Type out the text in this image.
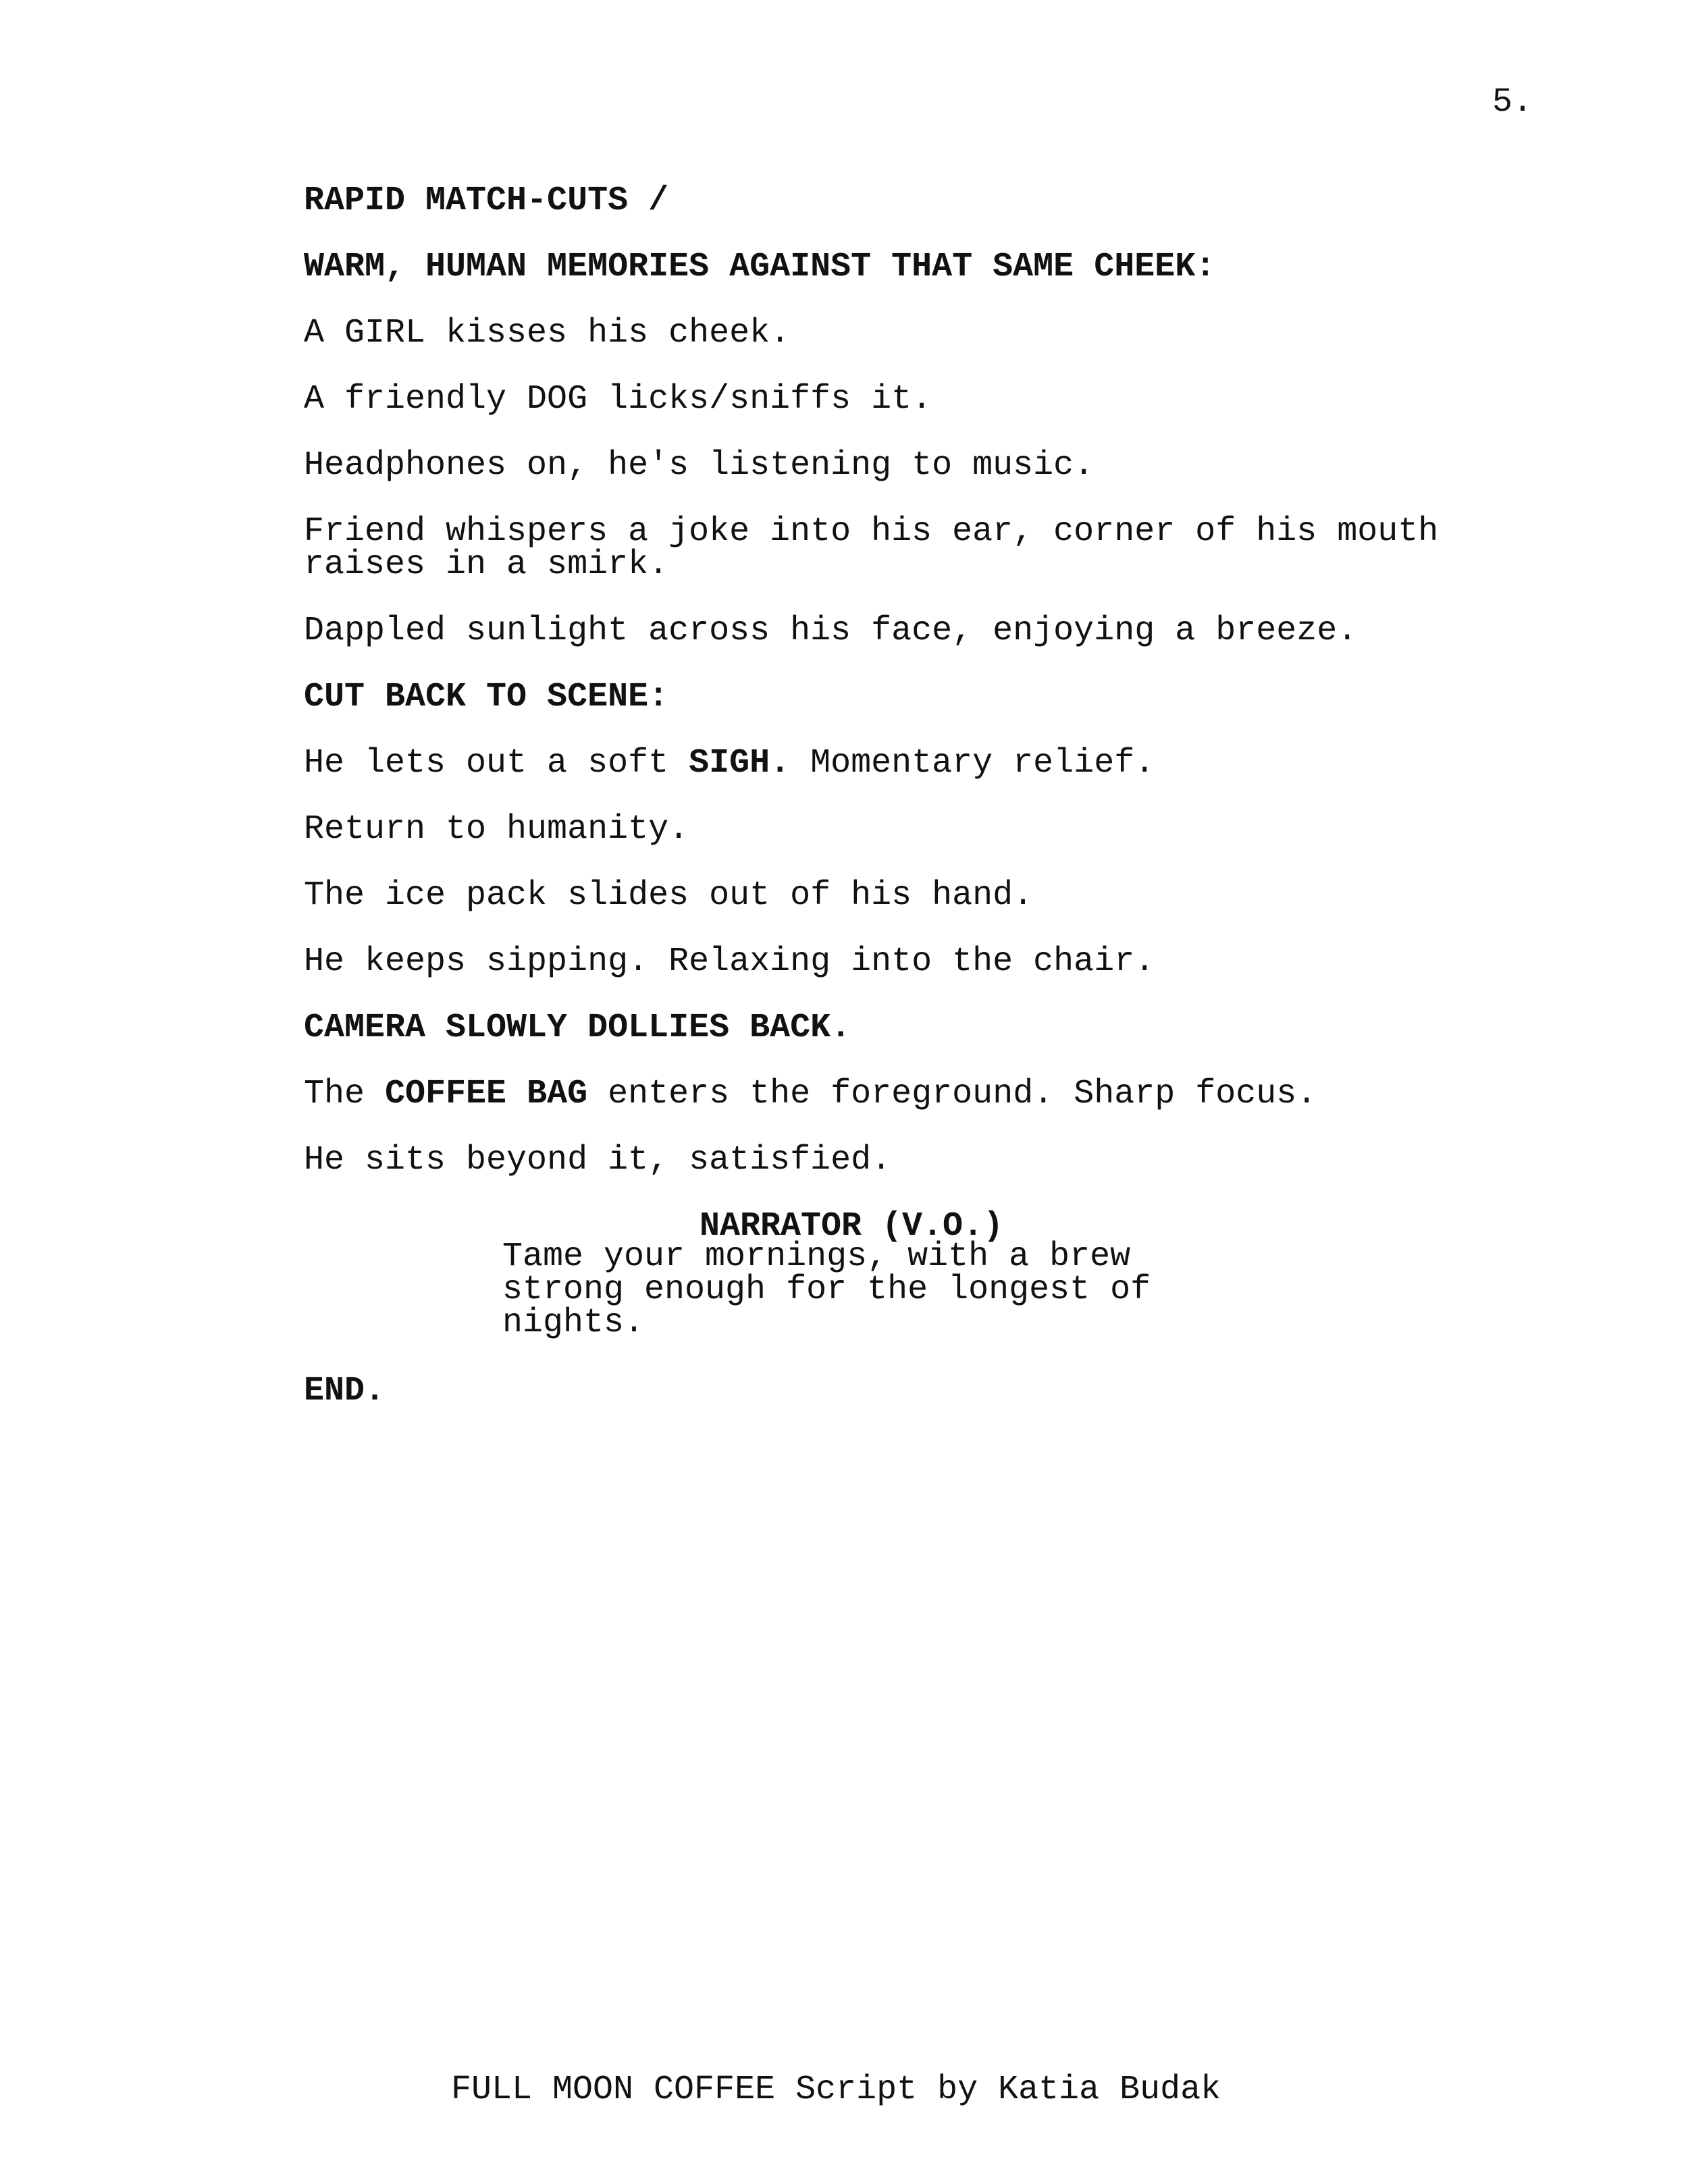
5.
RAPID MATCH-CUTS /
WARM, HUMAN MEMORIES AGAINST THAT SAME CHEEK:
A GIRL kisses his cheek.
A friendly DOG licks/sniffs it.
Headphones on, he's listening to music.
Friend whispers a joke into his ear, corner of his mouth
raises in a smirk.
Dappled sunlight across his face, enjoying a breeze.
CUT BACK TO SCENE:
He lets out a soft SIGH. Momentary relief.
Return to humanity.
The ice pack slides out of his hand.
He keeps sipping. Relaxing into the chair.
CAMERA SLOWLY DOLLIES BACK.
The COFFEE BAG enters the foreground. Sharp focus.
He sits beyond it, satisfied.
NARRATOR (V.O.)
Tame your mornings, with a brew
strong enough for the longest of
nights.
END.
FULL MOON COFFEE Script by Katia Budak
